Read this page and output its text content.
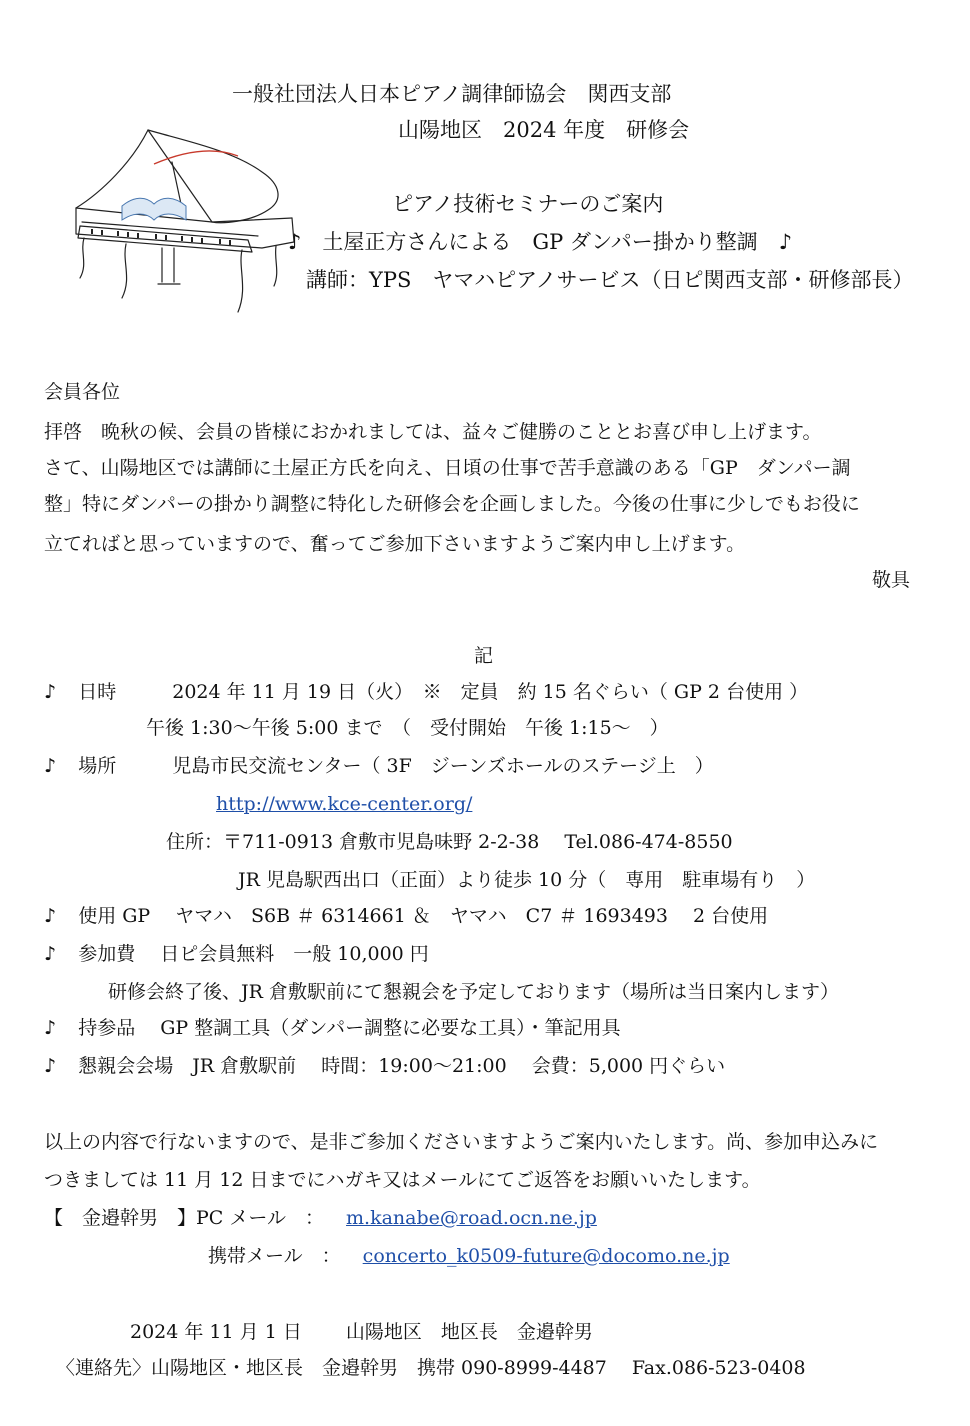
一般社団法人日本ピアノ調律師協会　関西支部
山陽地区　2024 年度　研修会
ピアノ技術セミナーのご案内
♪　土屋正方さんによる　GP ダンパー掛かり整調　♪
講師：YPS　ヤマハピアノサービス（日ピ関西支部・研修部長）
会員各位
拝啓　晩秋の候、会員の皆様におかれましては、益々ご健勝のこととお喜び申し上げます。
さて、山陽地区では講師に土屋正方氏を向え、日頃の仕事で苦手意識のある「GP　ダンパー調
整」特にダンパーの掛かり調整に特化した研修会を企画しました。今後の仕事に少しでもお役に
立てればと思っていますので、奮ってご参加下さいますようご案内申し上げます。
敬具
記
♪ 日時	2024 年 11 月 19 日（火）　※　定員　約 15 名ぐらい（ GP 2 台使用 ）
午後 1:30〜午後 5:00 まで　（　受付開始　午後 1:15〜　）
♪ 場所	児島市民交流センター（ 3F　ジーンズホールのステージ上　）
http://www.kce-center.org/
住所：〒711-0913 倉敷市児島味野 2-2-38　 Tel.086-474-8550
JR 児島駅西出口（正面）より徒歩 10 分（　専用　駐車場有り　）
♪ 使用 GP　 ヤマハ　S6B ＃ 6314661 ＆　ヤマハ　C7 ＃ 1693493　 2 台使用
♪ 参加費　 日ピ会員無料　一般 10,000 円
研修会終了後、JR 倉敷駅前にて懇親会を予定しております（場所は当日案内します）
♪ 持参品　 GP 整調工具（ダンパー調整に必要な工具）・筆記用具
♪ 懇親会会場　JR 倉敷駅前　 時間：19:00〜21:00　 会費：5,000 円ぐらい
以上の内容で行ないますので、是非ご参加くださいますようご案内いたします。尚、参加申込みに
つきましては 11 月 12 日までにハガキ又はメールにてご返答をお願いいたします。
【　金邉幹男　】PC メール　： m.kanabe@road.ocn.ne.jp
携帯メール　： concerto_k0509-future@docomo.ne.jp
2024 年 11 月 1 日　　 山陽地区　地区長　金邉幹男
〈連絡先〉山陽地区・地区長　金邉幹男　携帯 090-8999-4487　 Fax.086-523-0408
